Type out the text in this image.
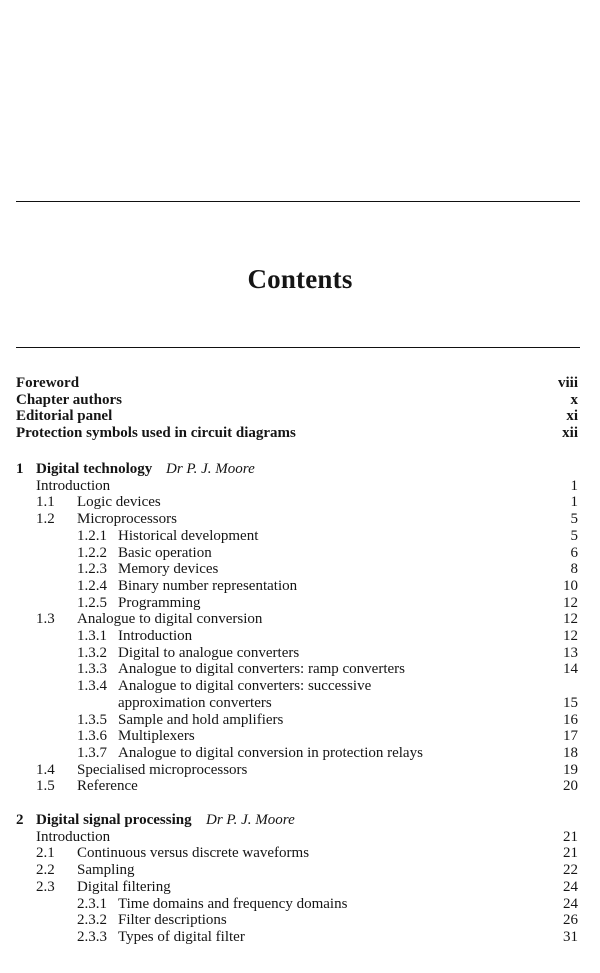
Contents
Foreword	viii
Chapter authors	x
Editorial panel	xi
Protection symbols used in circuit diagrams	xii
1 Digital technology Dr P. J. Moore
Introduction	1
1.1 Logic devices	1
1.2 Microprocessors	5
1.2.1 Historical development	5
1.2.2 Basic operation	6
1.2.3 Memory devices	8
1.2.4 Binary number representation	10
1.2.5 Programming	12
1.3 Analogue to digital conversion	12
1.3.1 Introduction	12
1.3.2 Digital to analogue converters	13
1.3.3 Analogue to digital converters: ramp converters	14
1.3.4 Analogue to digital converters: successive
approximation converters	15
1.3.5 Sample and hold amplifiers	16
1.3.6 Multiplexers	17
1.3.7 Analogue to digital conversion in protection relays	18
1.4 Specialised microprocessors	19
1.5 Reference	20
2 Digital signal processing Dr P. J. Moore
Introduction	21
2.1 Continuous versus discrete waveforms	21
2.2 Sampling	22
2.3 Digital filtering	24
2.3.1 Time domains and frequency domains	24
2.3.2 Filter descriptions	26
2.3.3 Types of digital filter	31
